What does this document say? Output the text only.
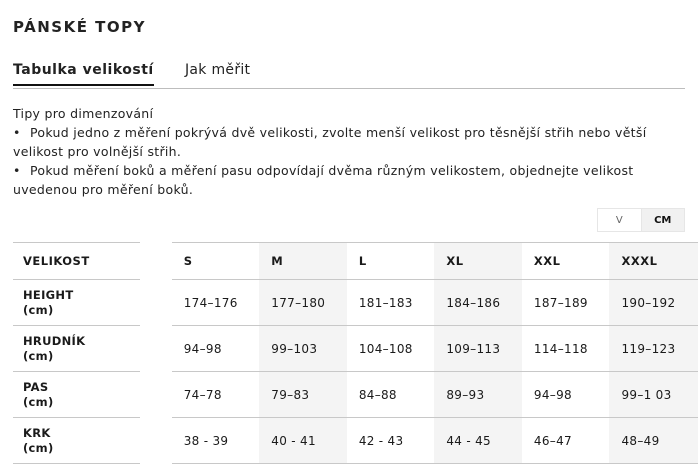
PÁNSKÉ TOPY
Tabulka velikostí Jak měřit

Tipy pro dimenzování

• Pokud jedno z měření pokrývá dvě velikosti, zvolte menší velikost pro těsnější střih nebo větší velikost pro volnější střih.
• Pokud měření boků a měření pasu odpovídají dvěma různým velikostem, objednejte velikost uvedenou pro měření boků.
V	CM
VELIKOST		S	M	L	XL	XXL	XXXL

HEIGHT
(cm)		174–176	177–180	181–183	184–186	187–189	190–192

HRUDNÍK
(cm)		94–98	99–103	104–108	109–113	114–118	119–123

PAS
(cm)		74–78	79–83	84–88	89–93	94–98	99–1 03

KRK
(cm)		38 - 39	40 - 41	42 - 43	44 - 45	46–47	48–49
